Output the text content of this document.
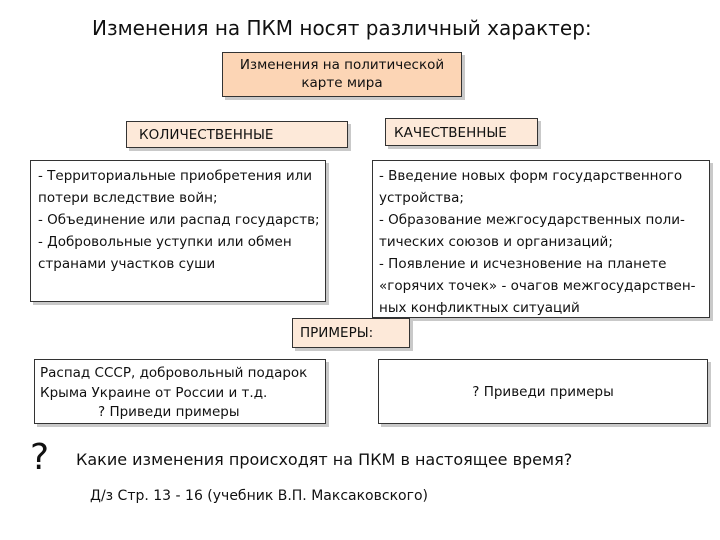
Изменения на ПКМ носят различный характер:
Изменения на политической
карте мира
КОЛИЧЕСТВЕННЫЕ	КАЧЕСТВЕННЫЕ
- Территориальные приобретения или
потери вследствие войн;
- Объединение или распад государств;
- Добровольные уступки или обмен
странами участков суши
- Введение новых форм государственного
устройства;
- Образование межгосударственных поли-
тических союзов и организаций;
- Появление и исчезновение на планете
«горячих точек» - очагов межгосударствен-
ных конфликтных ситуаций
ПРИМЕРЫ:
Распад СССР, добровольный подарок
Крыма Украине от России и т.д.
? Приведи примеры
? Приведи примеры
? Какие изменения происходят на ПКМ в настоящее время?
Д/з Стр. 13 - 16 (учебник В.П. Максаковского)
